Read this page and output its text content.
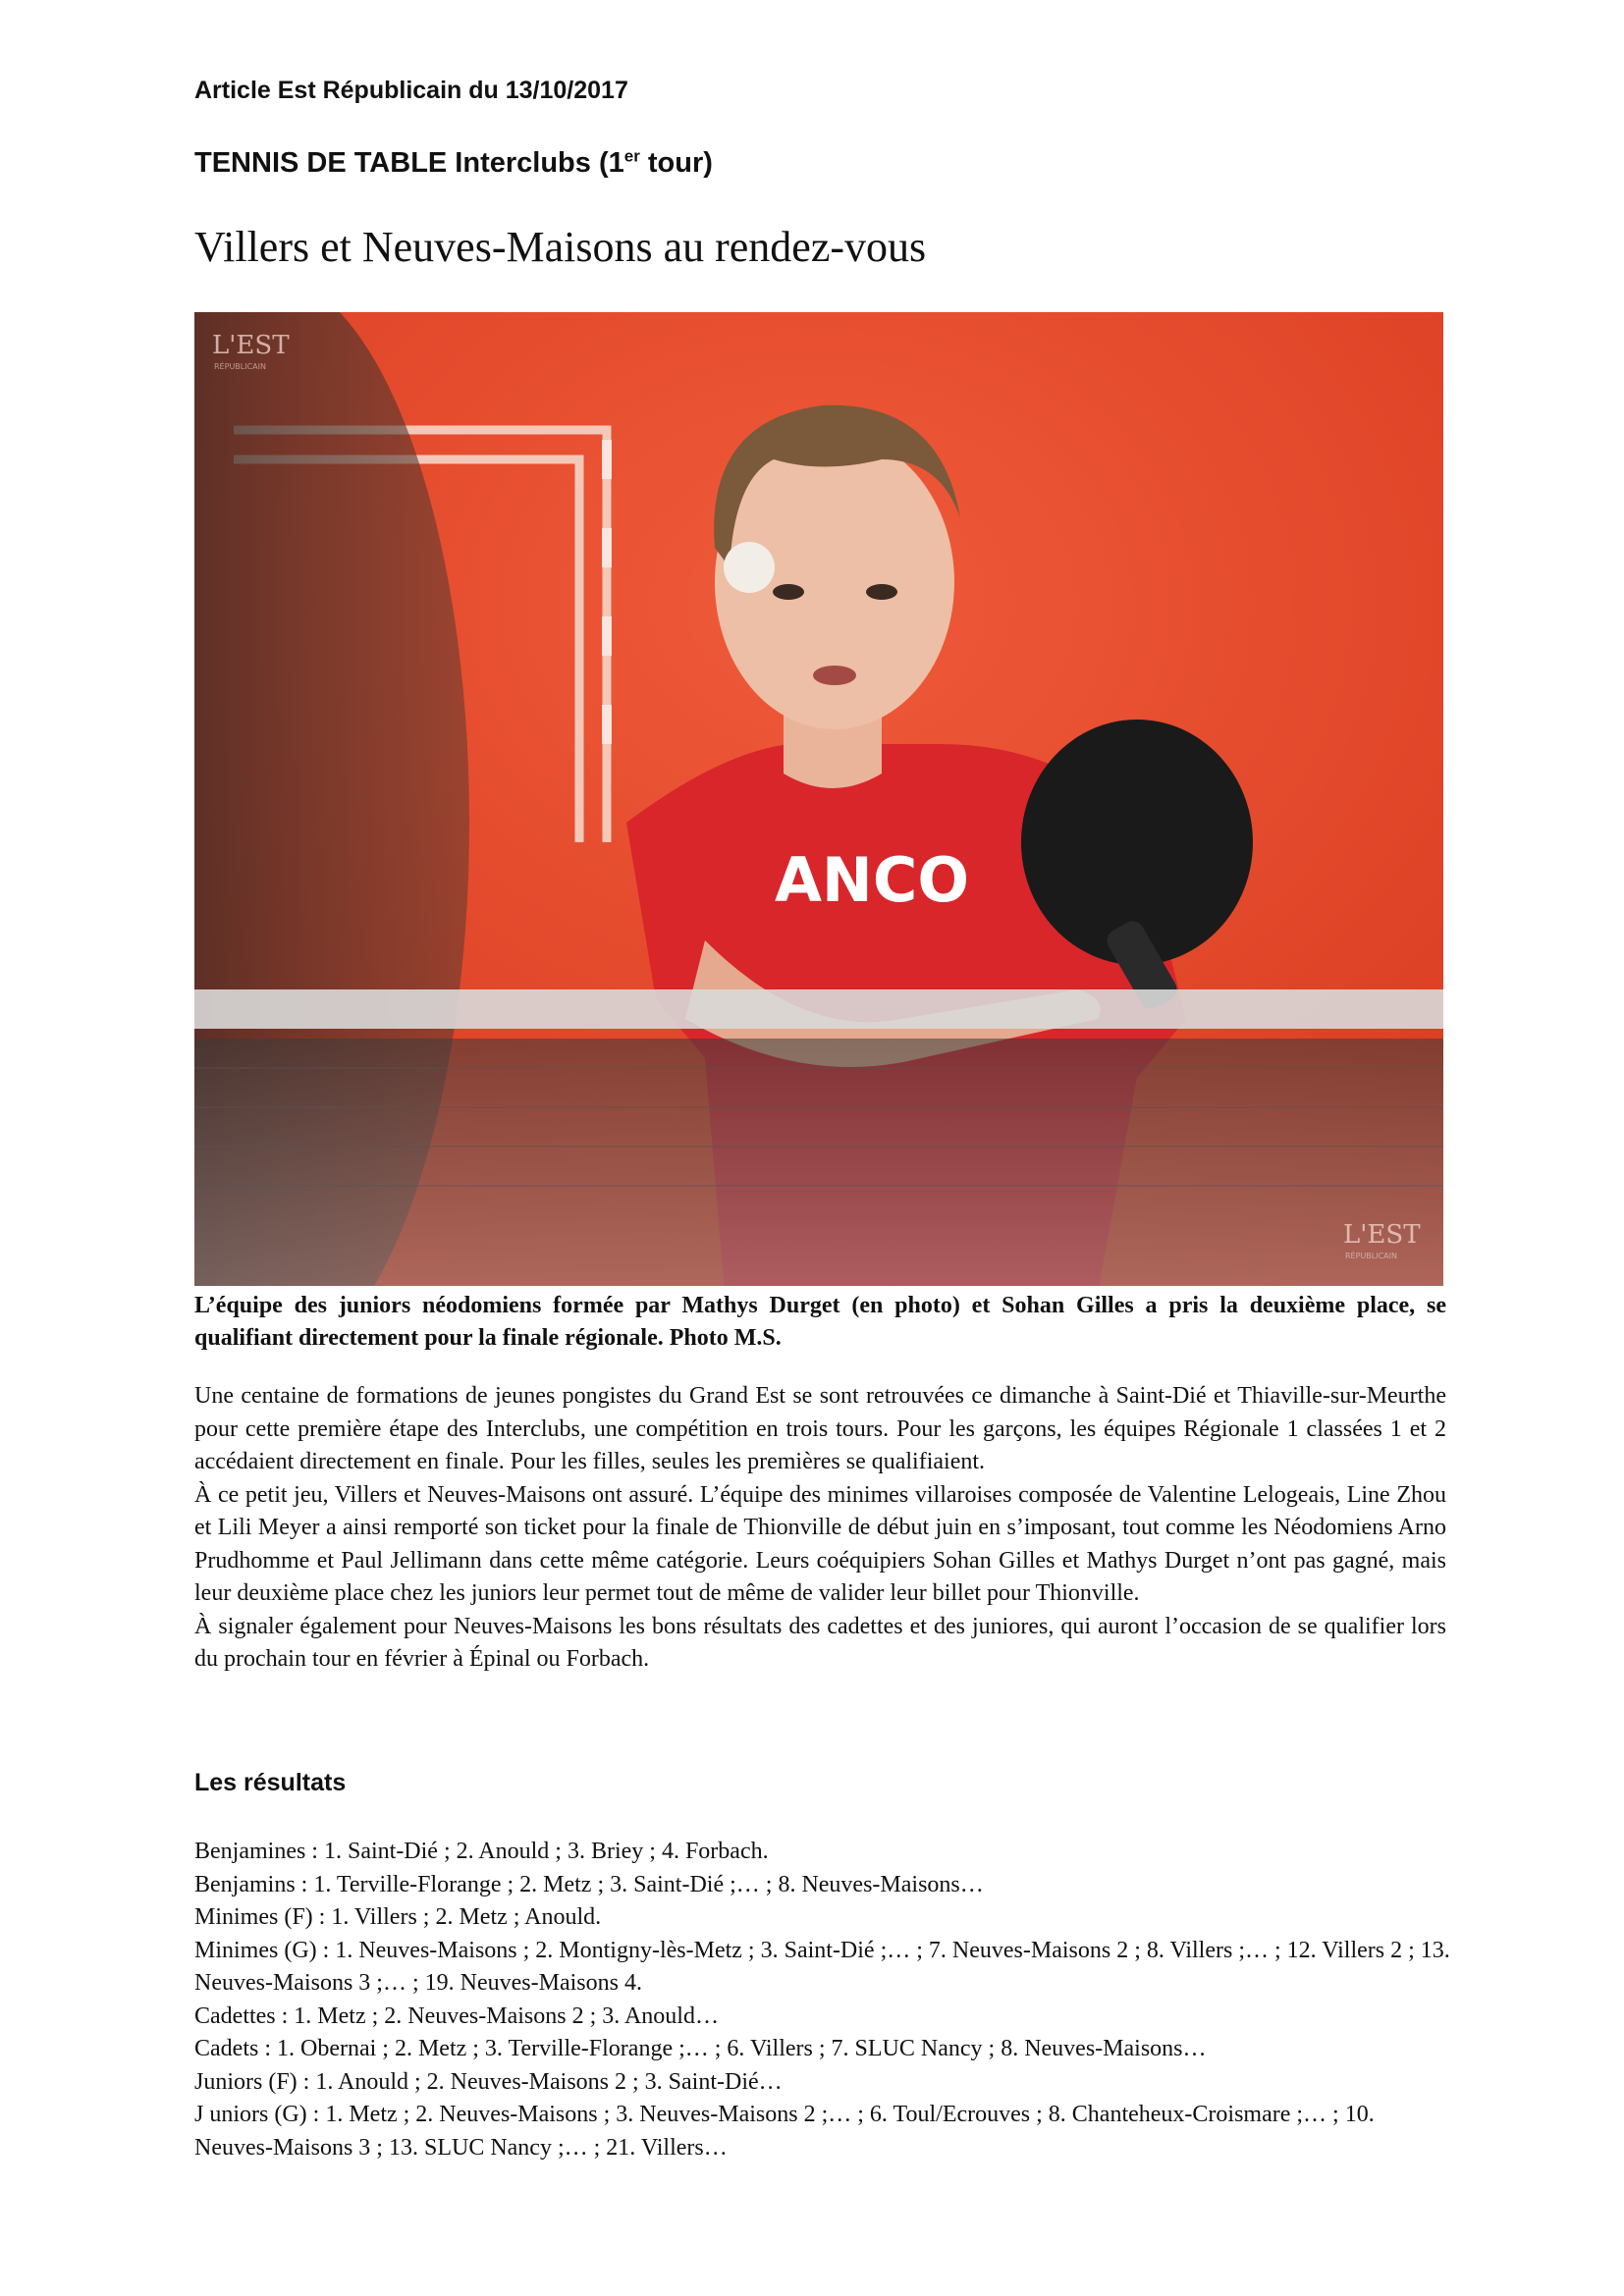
Article Est Républicain du 13/10/2017
TENNIS DE TABLE Interclubs (1er tour)
Villers et Neuves-Maisons au rendez-vous
ANCO
L'EST
RÉPUBLICAIN
L'EST
RÉPUBLICAIN
L’équipe des juniors néodomiens formée par Mathys Durget (en photo) et Sohan Gilles a pris la deuxième place, se qualifiant directement pour la finale régionale. Photo M.S.

Une centaine de formations de jeunes pongistes du Grand Est se sont retrouvées ce dimanche à Saint-Dié et Thiaville-sur-Meurthe pour cette première étape des Interclubs, une compétition en trois tours. Pour les garçons, les équipes Régionale 1 classées 1 et 2 accédaient directement en finale. Pour les filles, seules les premières se qualifiaient.

À ce petit jeu, Villers et Neuves-Maisons ont assuré. L’équipe des minimes villaroises composée de Valentine Lelogeais, Line Zhou et Lili Meyer a ainsi remporté son ticket pour la finale de Thionville de début juin en s’imposant, tout comme les Néodomiens Arno Prudhomme et Paul Jellimann dans cette même catégorie. Leurs coéquipiers Sohan Gilles et Mathys Durget n’ont pas gagné, mais leur deuxième place chez les juniors leur permet tout de même de valider leur billet pour Thionville.

À signaler également pour Neuves-Maisons les bons résultats des cadettes et des juniores, qui auront l’occasion de se qualifier lors du prochain tour en février à Épinal ou Forbach.

Les résultats

Benjamines : 1. Saint-Dié ; 2. Anould ; 3. Briey ; 4. Forbach.

Benjamins : 1. Terville-Florange ; 2. Metz ; 3. Saint-Dié ;… ; 8. Neuves-Maisons…

Minimes (F) : 1. Villers ; 2. Metz ; Anould.

Minimes (G) : 1. Neuves-Maisons ; 2. Montigny-lès-Metz ; 3. Saint-Dié ;… ; 7. Neuves-Maisons 2 ; 8. Villers ;… ; 12. Villers 2 ; 13. Neuves-Maisons 3 ;… ; 19. Neuves-Maisons 4.

Cadettes : 1. Metz ; 2. Neuves-Maisons 2 ; 3. Anould…

Cadets : 1. Obernai ; 2. Metz ; 3. Terville-Florange ;… ; 6. Villers ; 7. SLUC Nancy ; 8. Neuves-Maisons…

Juniors (F) : 1. Anould ; 2. Neuves-Maisons 2 ; 3. Saint-Dié…

J uniors (G) : 1. Metz ; 2. Neuves-Maisons ; 3. Neuves-Maisons 2 ;… ; 6. Toul/Ecrouves ; 8. Chanteheux-Croismare ;… ; 10. Neuves-Maisons 3 ; 13. SLUC Nancy ;… ; 21. Villers…
